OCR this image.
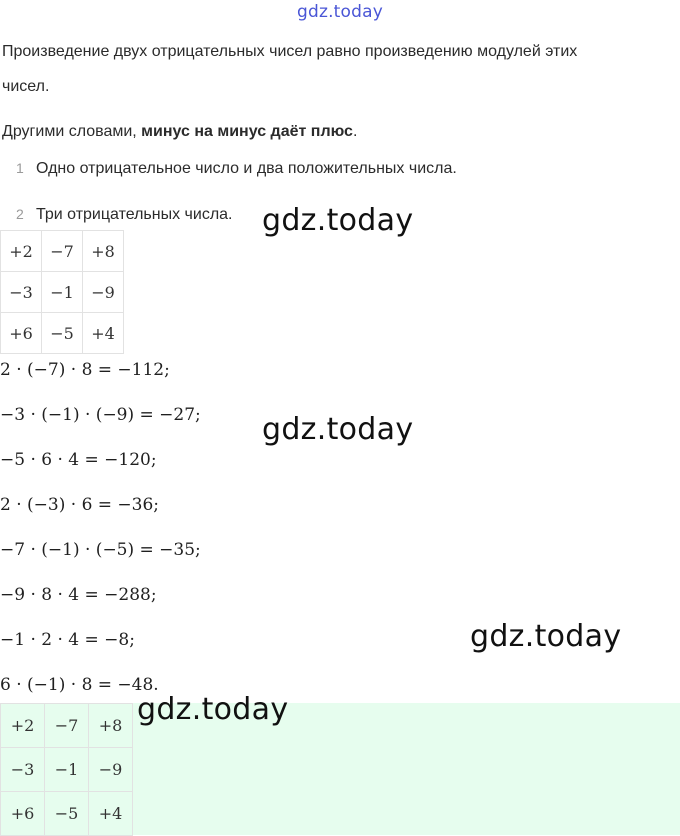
gdz.today
Произведение двух отрицательных чисел равно произведению модулей этих
чисел.
Другими словами, минус на минус даёт плюс.
1 Одно отрицательное число и два положительных числа.
2 Три отрицательных числа.
+2	−7	+8
−3	−1	−9
+6	−5	+4
2 · (−7) · 8 = −112;
−3 · (−1) · (−9) = −27;
−5 · 6 · 4 = −120;
2 · (−3) · 6 = −36;
−7 · (−1) · (−5) = −35;
−9 · 8 · 4 = −288;
−1 · 2 · 4 = −8;
6 · (−1) · 8 = −48.
+2	−7	+8
−3	−1	−9
+6	−5	+4
gdz.today
gdz.today
gdz.today
gdz.today
